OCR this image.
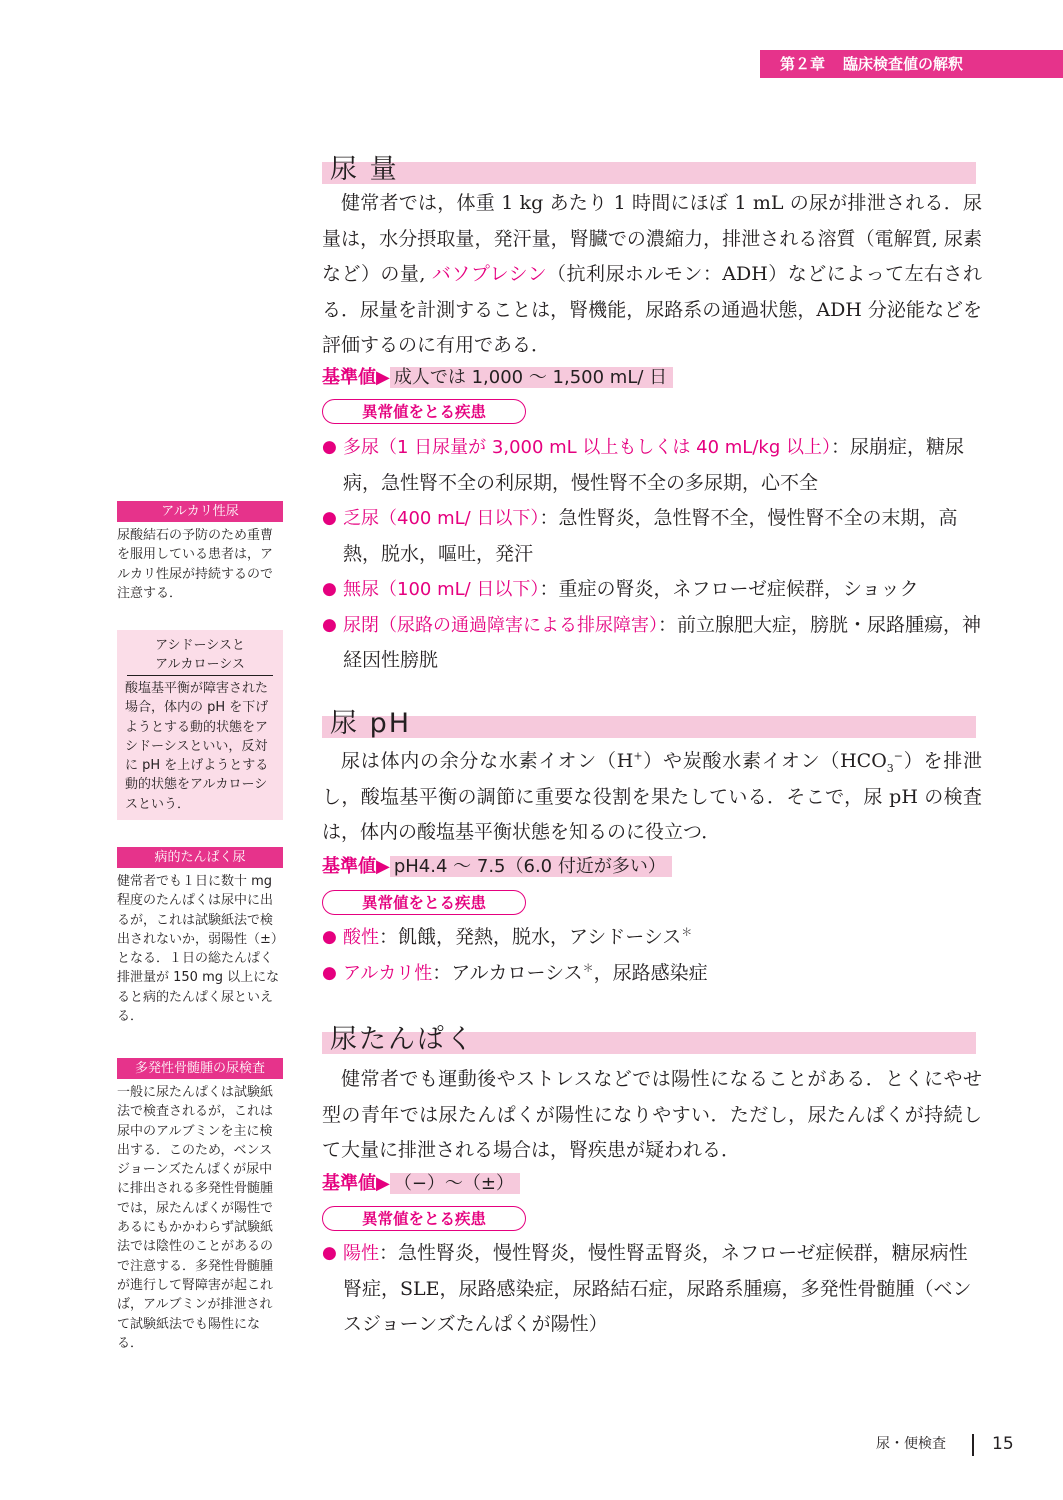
第２章 臨床検査値の解釈
尿 量

健常者では，体重 1 kg あたり 1 時間にほぼ 1 mL の尿が排泄される．尿量は，水分摂取量，発汗量，腎臓での濃縮力，排泄される溶質（電解質, 尿素など）の量, バソプレシン（抗利尿ホルモン：ADH）などによって左右される．尿量を計測することは，腎機能，尿路系の通過状態，ADH 分泌能などを評価するのに有用である．

基準値▶ 成人では 1,000 〜 1,500 mL/ 日
異常値をとる疾患
● 多尿（1 日尿量が 3,000 mL 以上もしくは 40 mL/kg 以上）：尿崩症，糖尿病，急性腎不全の利尿期，慢性腎不全の多尿期，心不全
● 乏尿（400 mL/ 日以下）：急性腎炎，急性腎不全，慢性腎不全の末期，高熱，脱水，嘔吐，発汗
● 無尿（100 mL/ 日以下）：重症の腎炎，ネフローゼ症候群，ショック
● 尿閉（尿路の通過障害による排尿障害）：前立腺肥大症，膀胱・尿路腫瘍，神経因性膀胱
尿 pH

尿は体内の余分な水素イオン（H+）や炭酸水素イオン$(HCO_3^-)$を排泄し，酸塩基平衡の調節に重要な役割を果たしている．そこで，尿 pH の検査は，体内の酸塩基平衡状態を知るのに役立つ．

基準値▶ pH4.4 〜 7.5（6.0 付近が多い）
異常値をとる疾患
● 酸性：飢餓，発熱，脱水，アシドーシス＊
● アルカリ性：アルカローシス＊，尿路感染症
尿たんぱく

健常者でも運動後やストレスなどでは陽性になることがある．とくにやせ型の青年では尿たんぱくが陽性になりやすい．ただし，尿たんぱくが持続して大量に排泄される場合は，腎疾患が疑われる．

基準値▶ （−）〜（±）
異常値をとる疾患
● 陽性：急性腎炎，慢性腎炎，慢性腎盂腎炎，ネフローゼ症候群，糖尿病性腎症，SLE，尿路感染症，尿路結石症，尿路系腫瘍，多発性骨髄腫（ベンスジョーンズたんぱくが陽性）
アルカリ性尿
尿酸結石の予防のため重曹を服用している患者は，アルカリ性尿が持続するので注意する．
アシドーシスと
アルカローシス
酸塩基平衡が障害された場合，体内の pH を下げようとする動的状態をアシドーシスといい，反対に pH を上げようとする動的状態をアルカローシスという．
病的たんぱく尿
健常者でも１日に数十 mg 程度のたんぱくは尿中に出るが，これは試験紙法で検出されないか，弱陽性（±）となる．１日の総たんぱく排泄量が 150 mg 以上になると病的たんぱく尿といえる．
多発性骨髄腫の尿検査
一般に尿たんぱくは試験紙法で検査されるが，これは尿中のアルブミンを主に検出する．このため，ベンスジョーンズたんぱくが尿中に排出される多発性骨髄腫では，尿たんぱくが陽性であるにもかかわらず試験紙法では陰性のことがあるので注意する．多発性骨髄腫が進行して腎障害が起これば，アルブミンが排泄されて試験紙法でも陽性になる．
尿・便検査	15
